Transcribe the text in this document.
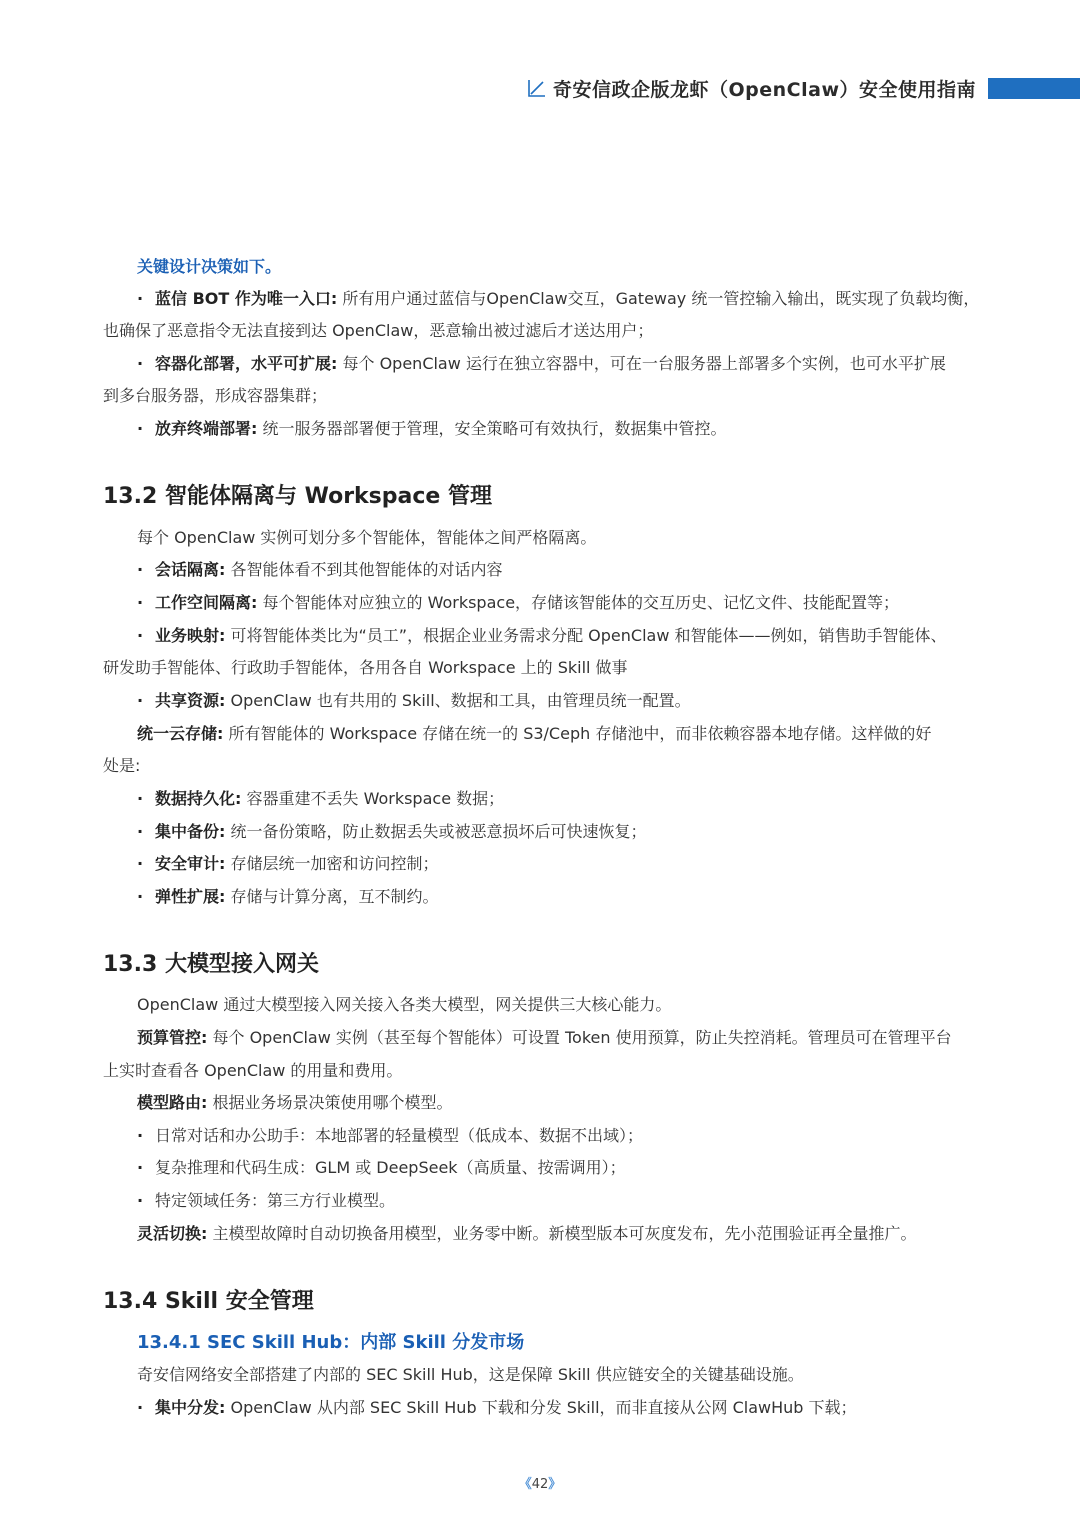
奇安信政企版龙虾（OpenClaw）安全使用指南
关键设计决策如下。
· 蓝信 BOT 作为唯一入口: 所有用户通过蓝信与OpenClaw交互，Gateway 统一管控输入输出，既实现了负载均衡，
也确保了恶意指令无法直接到达 OpenClaw，恶意输出被过滤后才送达用户；
· 容器化部署，水平可扩展: 每个 OpenClaw 运行在独立容器中，可在一台服务器上部署多个实例，也可水平扩展
到多台服务器，形成容器集群；
· 放弃终端部署: 统一服务器部署便于管理，安全策略可有效执行，数据集中管控。
13.2 智能体隔离与 Workspace 管理
每个 OpenClaw 实例可划分多个智能体，智能体之间严格隔离。
· 会话隔离: 各智能体看不到其他智能体的对话内容
· 工作空间隔离: 每个智能体对应独立的 Workspace，存储该智能体的交互历史、记忆文件、技能配置等；
· 业务映射: 可将智能体类比为“员工”，根据企业业务需求分配 OpenClaw 和智能体——例如，销售助手智能体、
研发助手智能体、行政助手智能体，各用各自 Workspace 上的 Skill 做事
· 共享资源: OpenClaw 也有共用的 Skill、数据和工具，由管理员统一配置。
统一云存储: 所有智能体的 Workspace 存储在统一的 S3/Ceph 存储池中，而非依赖容器本地存储。这样做的好
处是:
· 数据持久化: 容器重建不丢失 Workspace 数据；
· 集中备份: 统一备份策略，防止数据丢失或被恶意损坏后可快速恢复；
· 安全审计: 存储层统一加密和访问控制；
· 弹性扩展: 存储与计算分离，互不制约。
13.3 大模型接入网关
OpenClaw 通过大模型接入网关接入各类大模型，网关提供三大核心能力。
预算管控: 每个 OpenClaw 实例（甚至每个智能体）可设置 Token 使用预算，防止失控消耗。管理员可在管理平台
上实时查看各 OpenClaw 的用量和费用。
模型路由: 根据业务场景决策使用哪个模型。
· 日常对话和办公助手：本地部署的轻量模型（低成本、数据不出域）；
· 复杂推理和代码生成：GLM 或 DeepSeek（高质量、按需调用）；
· 特定领域任务：第三方行业模型。
灵活切换: 主模型故障时自动切换备用模型，业务零中断。新模型版本可灰度发布，先小范围验证再全量推广。
13.4 Skill 安全管理
13.4.1 SEC Skill Hub：内部 Skill 分发市场
奇安信网络安全部搭建了内部的 SEC Skill Hub，这是保障 Skill 供应链安全的关键基础设施。
· 集中分发: OpenClaw 从内部 SEC Skill Hub 下载和分发 Skill，而非直接从公网 ClawHub 下载；
《42》
